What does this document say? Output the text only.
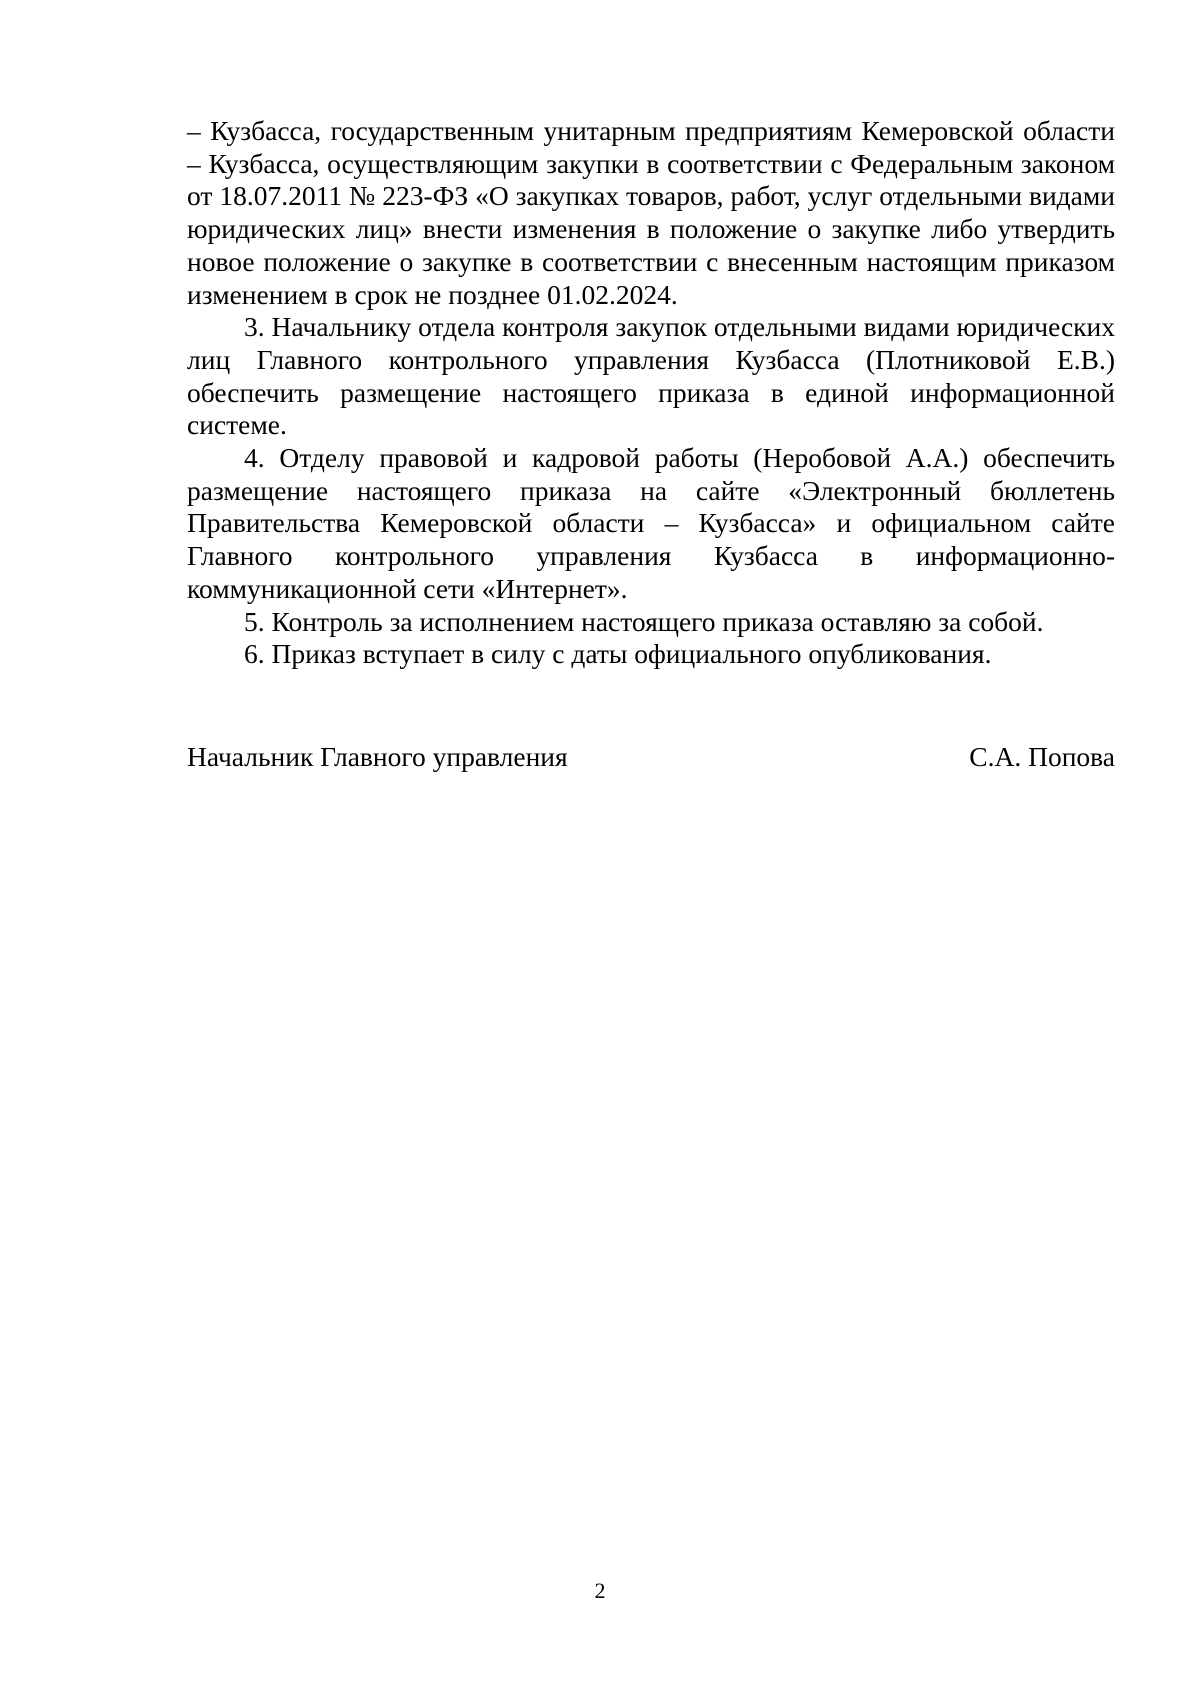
– Кузбасса, государственным унитарным предприятиям Кемеровской области – Кузбасса, осуществляющим закупки в соответствии с Федеральным законом от 18.07.2011 № 223-ФЗ «О закупках товаров, работ, услуг отдельными видами юридических лиц» внести изменения в положение о закупке либо утвердить новое положение о закупке в соответствии с внесенным настоящим приказом изменением в срок не позднее 01.02.2024.

3. Начальнику отдела контроля закупок отдельными видами юридических лиц Главного контрольного управления Кузбасса (Плотниковой Е.В.) обеспечить размещение настоящего приказа в единой информационной системе.

4. Отделу правовой и кадровой работы (Неробовой А.А.) обеспечить размещение настоящего приказа на сайте «Электронный бюллетень Правительства Кемеровской области – Кузбасса» и официальном сайте Главного контрольного управления Кузбасса в информационно-коммуникационной сети «Интернет».

5. Контроль за исполнением настоящего приказа оставляю за собой.

6. Приказ вступает в силу с даты официального опубликования.

Начальник Главного управления	С.А. Попова
2
